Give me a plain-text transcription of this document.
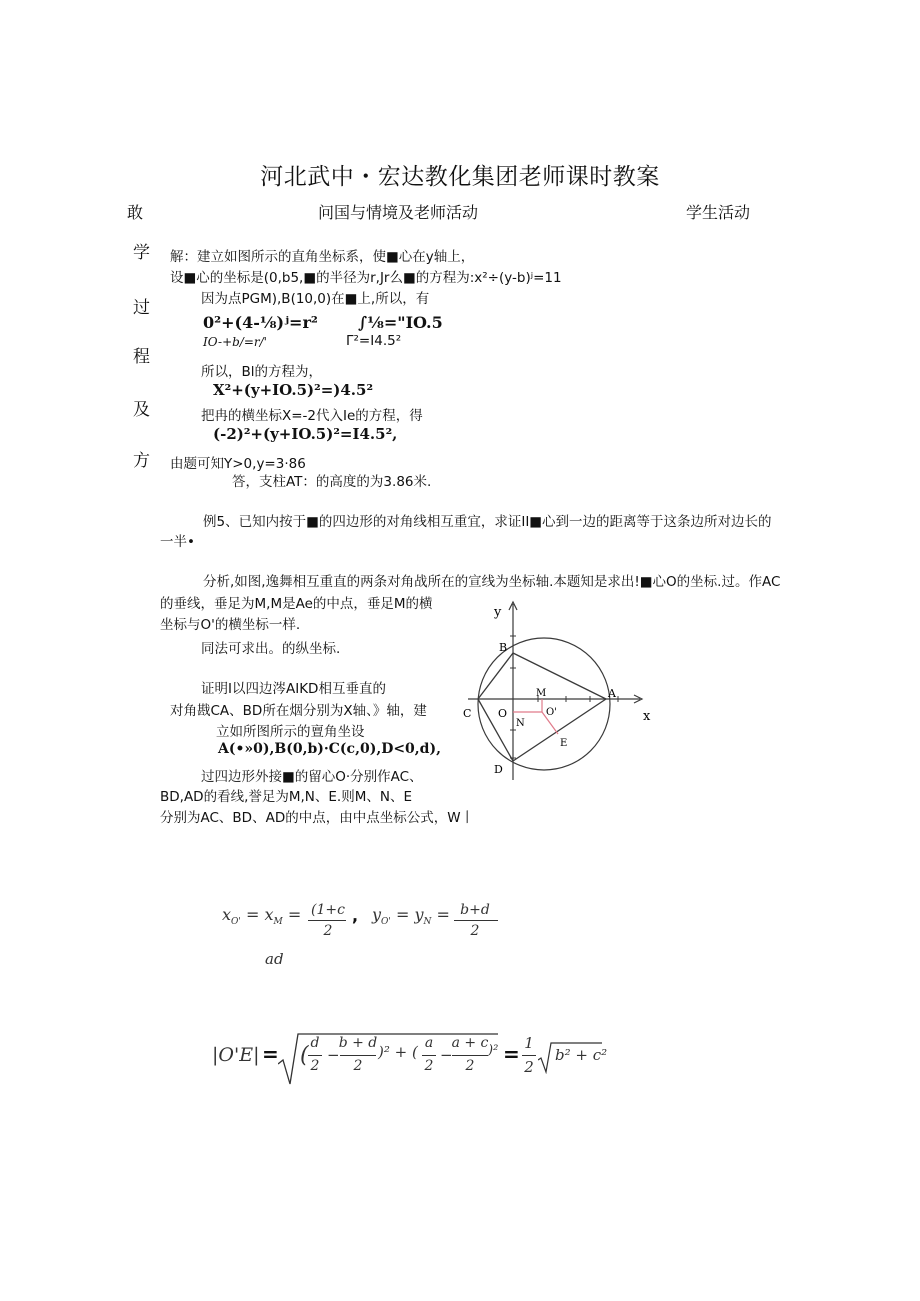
河北武中・宏达教化集团老师课时教案
敢	问国与情境及老师活动	学生活动
学
过
程
及
方
解：建立如图所示的直角坐标系，使■心在y轴上，
设■心的坐标是(0,b5,■的半径为r,Jr么■的方程为:x²÷(y-b)ʲ=11
因为点PGM),B(10,0)在■上,所以，有
0²+(4-⅛)ʲ=r²	∫⅛="IO.5
IO-+b/=r/'	Γ²=I4.5²
所以，Bl的方程为，
X²+(y+IO.5)²=)4.5²
把冉的横坐标X=-2代入Ie的方程，得
(-2)²+(y+IO.5)²=I4.5²,
由题可知Y>0,y=3·86
答，支柱AT：的高度的为3.86米.
例5、已知内按于■的四边形的对角线相互重宜，求证II■心到一边的距离等于这条边所对边长的
一半•
分析,如图,逸舞相互重直的两条对角战所在的宣线为坐标轴.本题知是求出!■心O的坐标.过。作AC
的垂线，垂足为M,M是Ae的中点，垂足M的横
坐标与O'的横坐标一样.
同法可求出。的纵坐标.
证明I以四边涔AIKD相互垂直的
对角戡CA、BD所在烟分别为X轴、》轴，建
立如所图所示的亶角坐设
A(•»0),B(0,b)·C(c,0),D<0,d),
过四边形外接■的留心O·分别作AC、
BD,AD的看线,誉足为M,N、E.则M、N、E
分别为AC、BD、AD的中点，由中点坐标公式，W丨
y
x
B
M	A
C O
N
O'
E
D
$x_{O'} = x_M = (1+c$
2
, $y_{O'} = y_N = b+d$
2
ad
|O'E| = ( d
2
−
b + d
2
)² + ( a
2
−
a + c
2
)² = 1
2
b² + c²
